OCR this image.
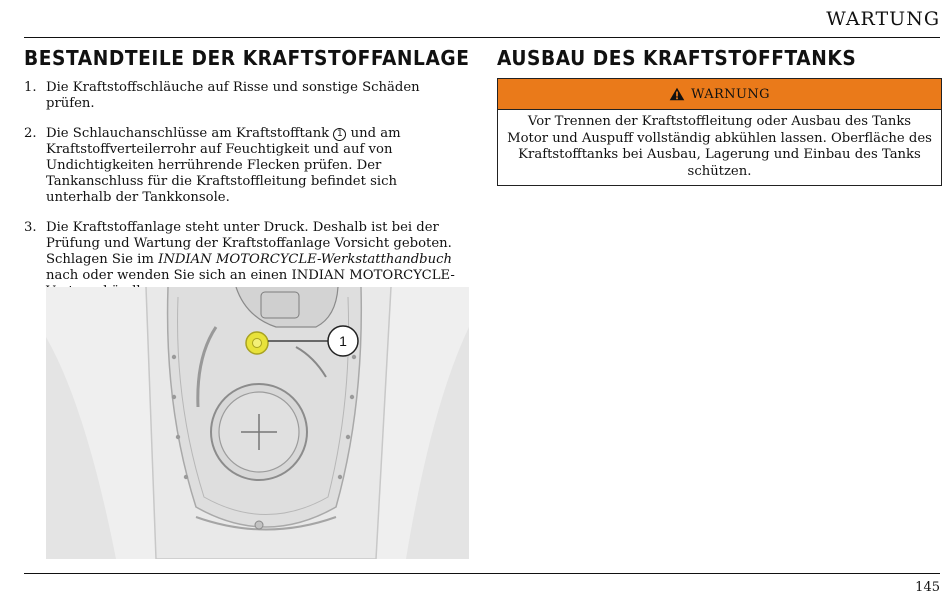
WARTUNG
BESTANDTEILE DER KRAFTSTOFFANLAGE AUSBAU DES KRAFTSTOFFTANKS
1. Die Kraftstoffschläuche auf Risse und sonstige Schäden prüfen.
2. Die Schlauchanschlüsse am Kraftstofftank 1 und am Kraftstoffverteilerrohr auf Feuchtigkeit und auf von Undichtigkeiten herrührende Flecken prüfen. Der Tankanschluss für die Kraftstoffleitung befindet sich unterhalb der Tankkonsole.
3. Die Kraftstoffanlage steht unter Druck. Deshalb ist bei der Prüfung und Wartung der Kraftstoffanlage Vorsicht geboten. Schlagen Sie im INDIAN MOTORCYCLE-Werkstatthandbuch nach oder wenden Sie sich an einen INDIAN MOTORCYCLE-
1
WARNUNG
Vor Trennen der Kraftstoffleitung oder Ausbau des Tanks Motor und Auspuff vollständig abkühlen lassen. Oberfläche des Kraftstofftanks bei Ausbau, Lagerung und Einbau des Tanks schützen.
145
